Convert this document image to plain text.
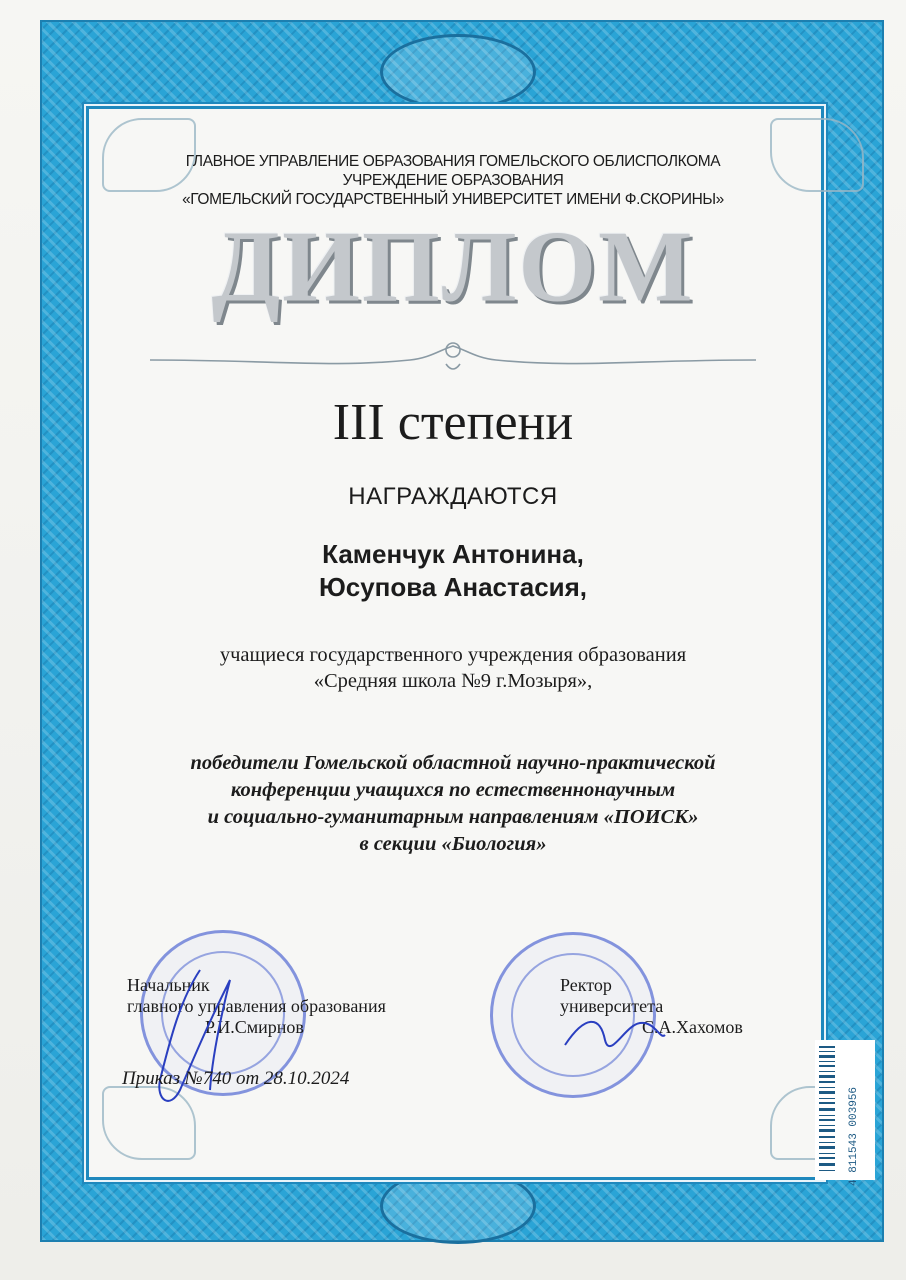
ГЛАВНОЕ УПРАВЛЕНИЕ ОБРАЗОВАНИЯ ГОМЕЛЬСКОГО ОБЛИСПОЛКОМА
УЧРЕЖДЕНИЕ ОБРАЗОВАНИЯ
«ГОМЕЛЬСКИЙ ГОСУДАРСТВЕННЫЙ УНИВЕРСИТЕТ ИМЕНИ Ф.СКОРИНЫ»
ДИПЛОМ
III степени
НАГРАЖДАЮТСЯ
Каменчук Антонина,
Юсупова Анастасия,
учащиеся государственного учреждения образования
«Средняя школа №9 г.Мозыря»,
победители Гомельской областной научно-практической
конференции учащихся по естественнонаучным
и социально-гуманитарным направлениям «ПОИСК»
в секции «Биология»
Начальник
главного управления образования
Р.И.Смирнов
Ректор
университета
С.А.Хахомов
Приказ №740 от 28.10.2024
4 811543 003956
